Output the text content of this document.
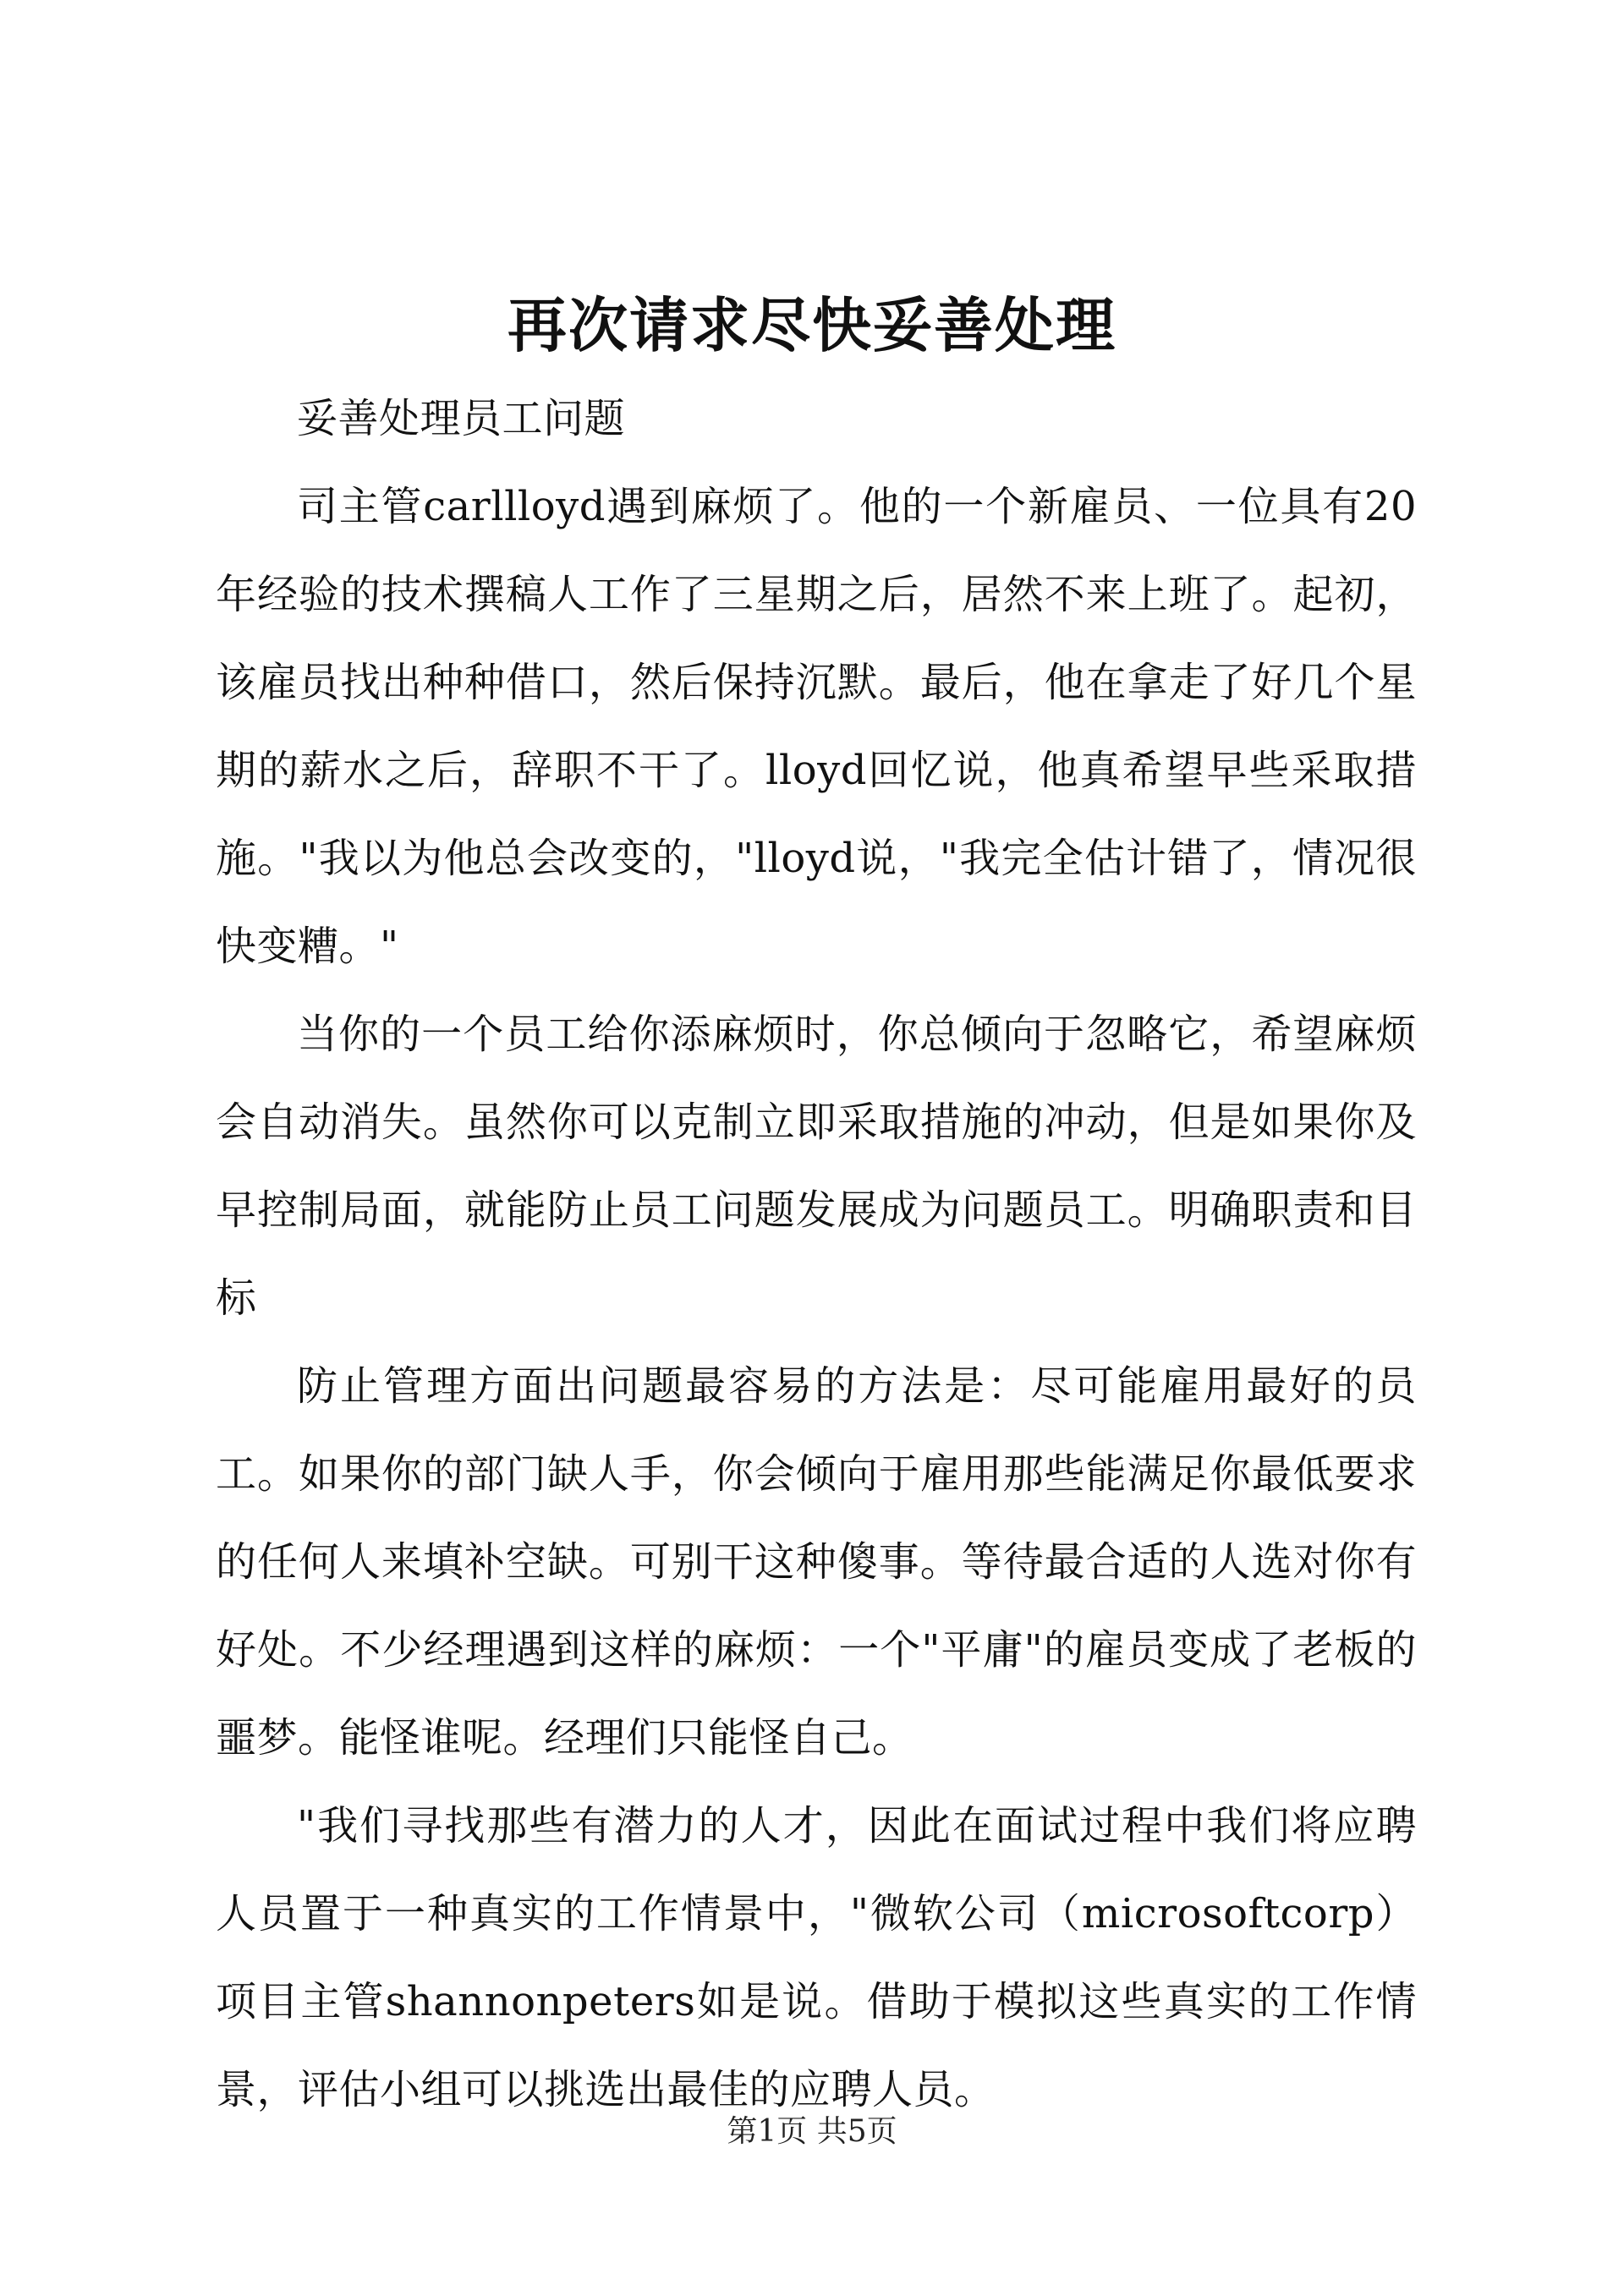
再次请求尽快妥善处理

妥善处理员工问题

司主管carllloyd遇到麻烦了。他的一个新雇员、一位具有20年经验的技术撰稿人工作了三星期之后，居然不来上班了。起初，该雇员找出种种借口，然后保持沉默。最后，他在拿走了好几个星期的薪水之后，辞职不干了。lloyd回忆说，他真希望早些采取措施。"我以为他总会改变的，"lloyd说，"我完全估计错了，情况很快变糟。"

当你的一个员工给你添麻烦时，你总倾向于忽略它，希望麻烦会自动消失。虽然你可以克制立即采取措施的冲动，但是如果你及早控制局面，就能防止员工问题发展成为问题员工。明确职责和目标

防止管理方面出问题最容易的方法是：尽可能雇用最好的员工。如果你的部门缺人手，你会倾向于雇用那些能满足你最低要求的任何人来填补空缺。可别干这种傻事。等待最合适的人选对你有好处。不少经理遇到这样的麻烦：一个"平庸"的雇员变成了老板的噩梦。能怪谁呢。经理们只能怪自己。

"我们寻找那些有潜力的人才，因此在面试过程中我们将应聘人员置于一种真实的工作情景中，"微软公司（microsoftcorp）项目主管shannonpeters如是说。借助于模拟这些真实的工作情景，评估小组可以挑选出最佳的应聘人员。

第1页 共5页
